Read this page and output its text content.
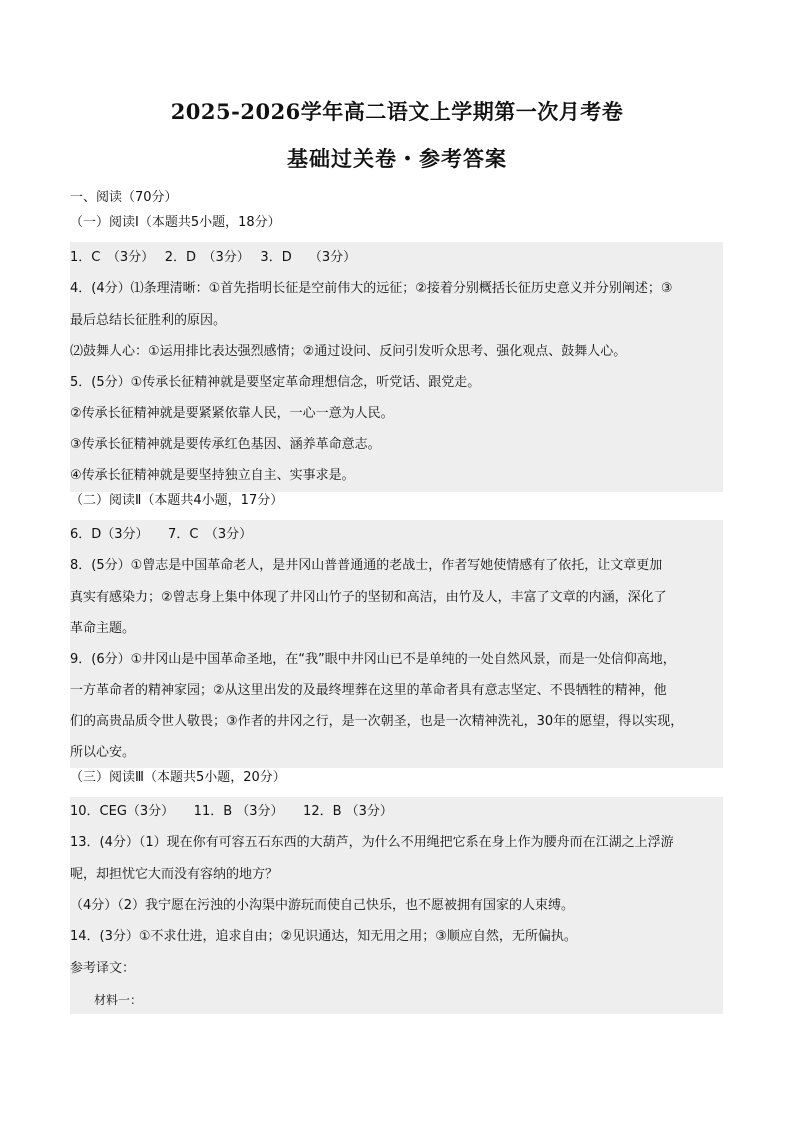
2025-2026学年高二语文上学期第一次月考卷
基础过关卷・参考答案
一、阅读（70分）
（一）阅读Ⅰ（本题共5小题，18分）
1．C　（3分）　 2．D　（3分）　 3．D　 （3分）
4．(4分）⑴条理清晰：①首先指明长征是空前伟大的远征；②接着分别概括长征历史意义并分别阐述；③
最后总结长征胜利的原因。
⑵鼓舞人心：①运用排比表达强烈感情；②通过设问、反问引发听众思考、强化观点、鼓舞人心。
5．(5分）①传承长征精神就是要坚定革命理想信念，听党话、跟党走。
②传承长征精神就是要紧紧依靠人民，一心一意为人民。
③传承长征精神就是要传承红色基因、涵养革命意志。
④传承长征精神就是要坚持独立自主、实事求是。
（二）阅读Ⅱ（本题共4小题，17分）
6．D（3分）　　7．C　（3分）
8．(5分）①曾志是中国革命老人，是井冈山普普通通的老战士，作者写她使情感有了依托，让文章更加
真实有感染力；②曾志身上集中体现了井冈山竹子的坚韧和高洁，由竹及人，丰富了文章的内涵，深化了
革命主题。
9．(6分）①井冈山是中国革命圣地，在“我”眼中井冈山已不是单纯的一处自然风景，而是一处信仰高地，
一方革命者的精神家园；②从这里出发的及最终埋葬在这里的革命者具有意志坚定、不畏牺牲的精神，他
们的高贵品质令世人敬畏；③作者的井冈之行，是一次朝圣，也是一次精神洗礼，30年的愿望，得以实现，
所以心安。
（三）阅读Ⅲ（本题共5小题，20分）
10．CEG（3分）　　11．B （3分）　　12．B （3分）
13．(4分）（1）现在你有可容五石东西的大葫芦，为什么不用绳把它系在身上作为腰舟而在江湖之上浮游
呢，却担忧它大而没有容纳的地方？
（4分）（2）我宁愿在污浊的小沟渠中游玩而使自己快乐，也不愿被拥有国家的人束缚。
14．(3分）①不求仕进，追求自由；②见识通达，知无用之用；③顺应自然，无所偏执。
参考译文：
　　材料一：
